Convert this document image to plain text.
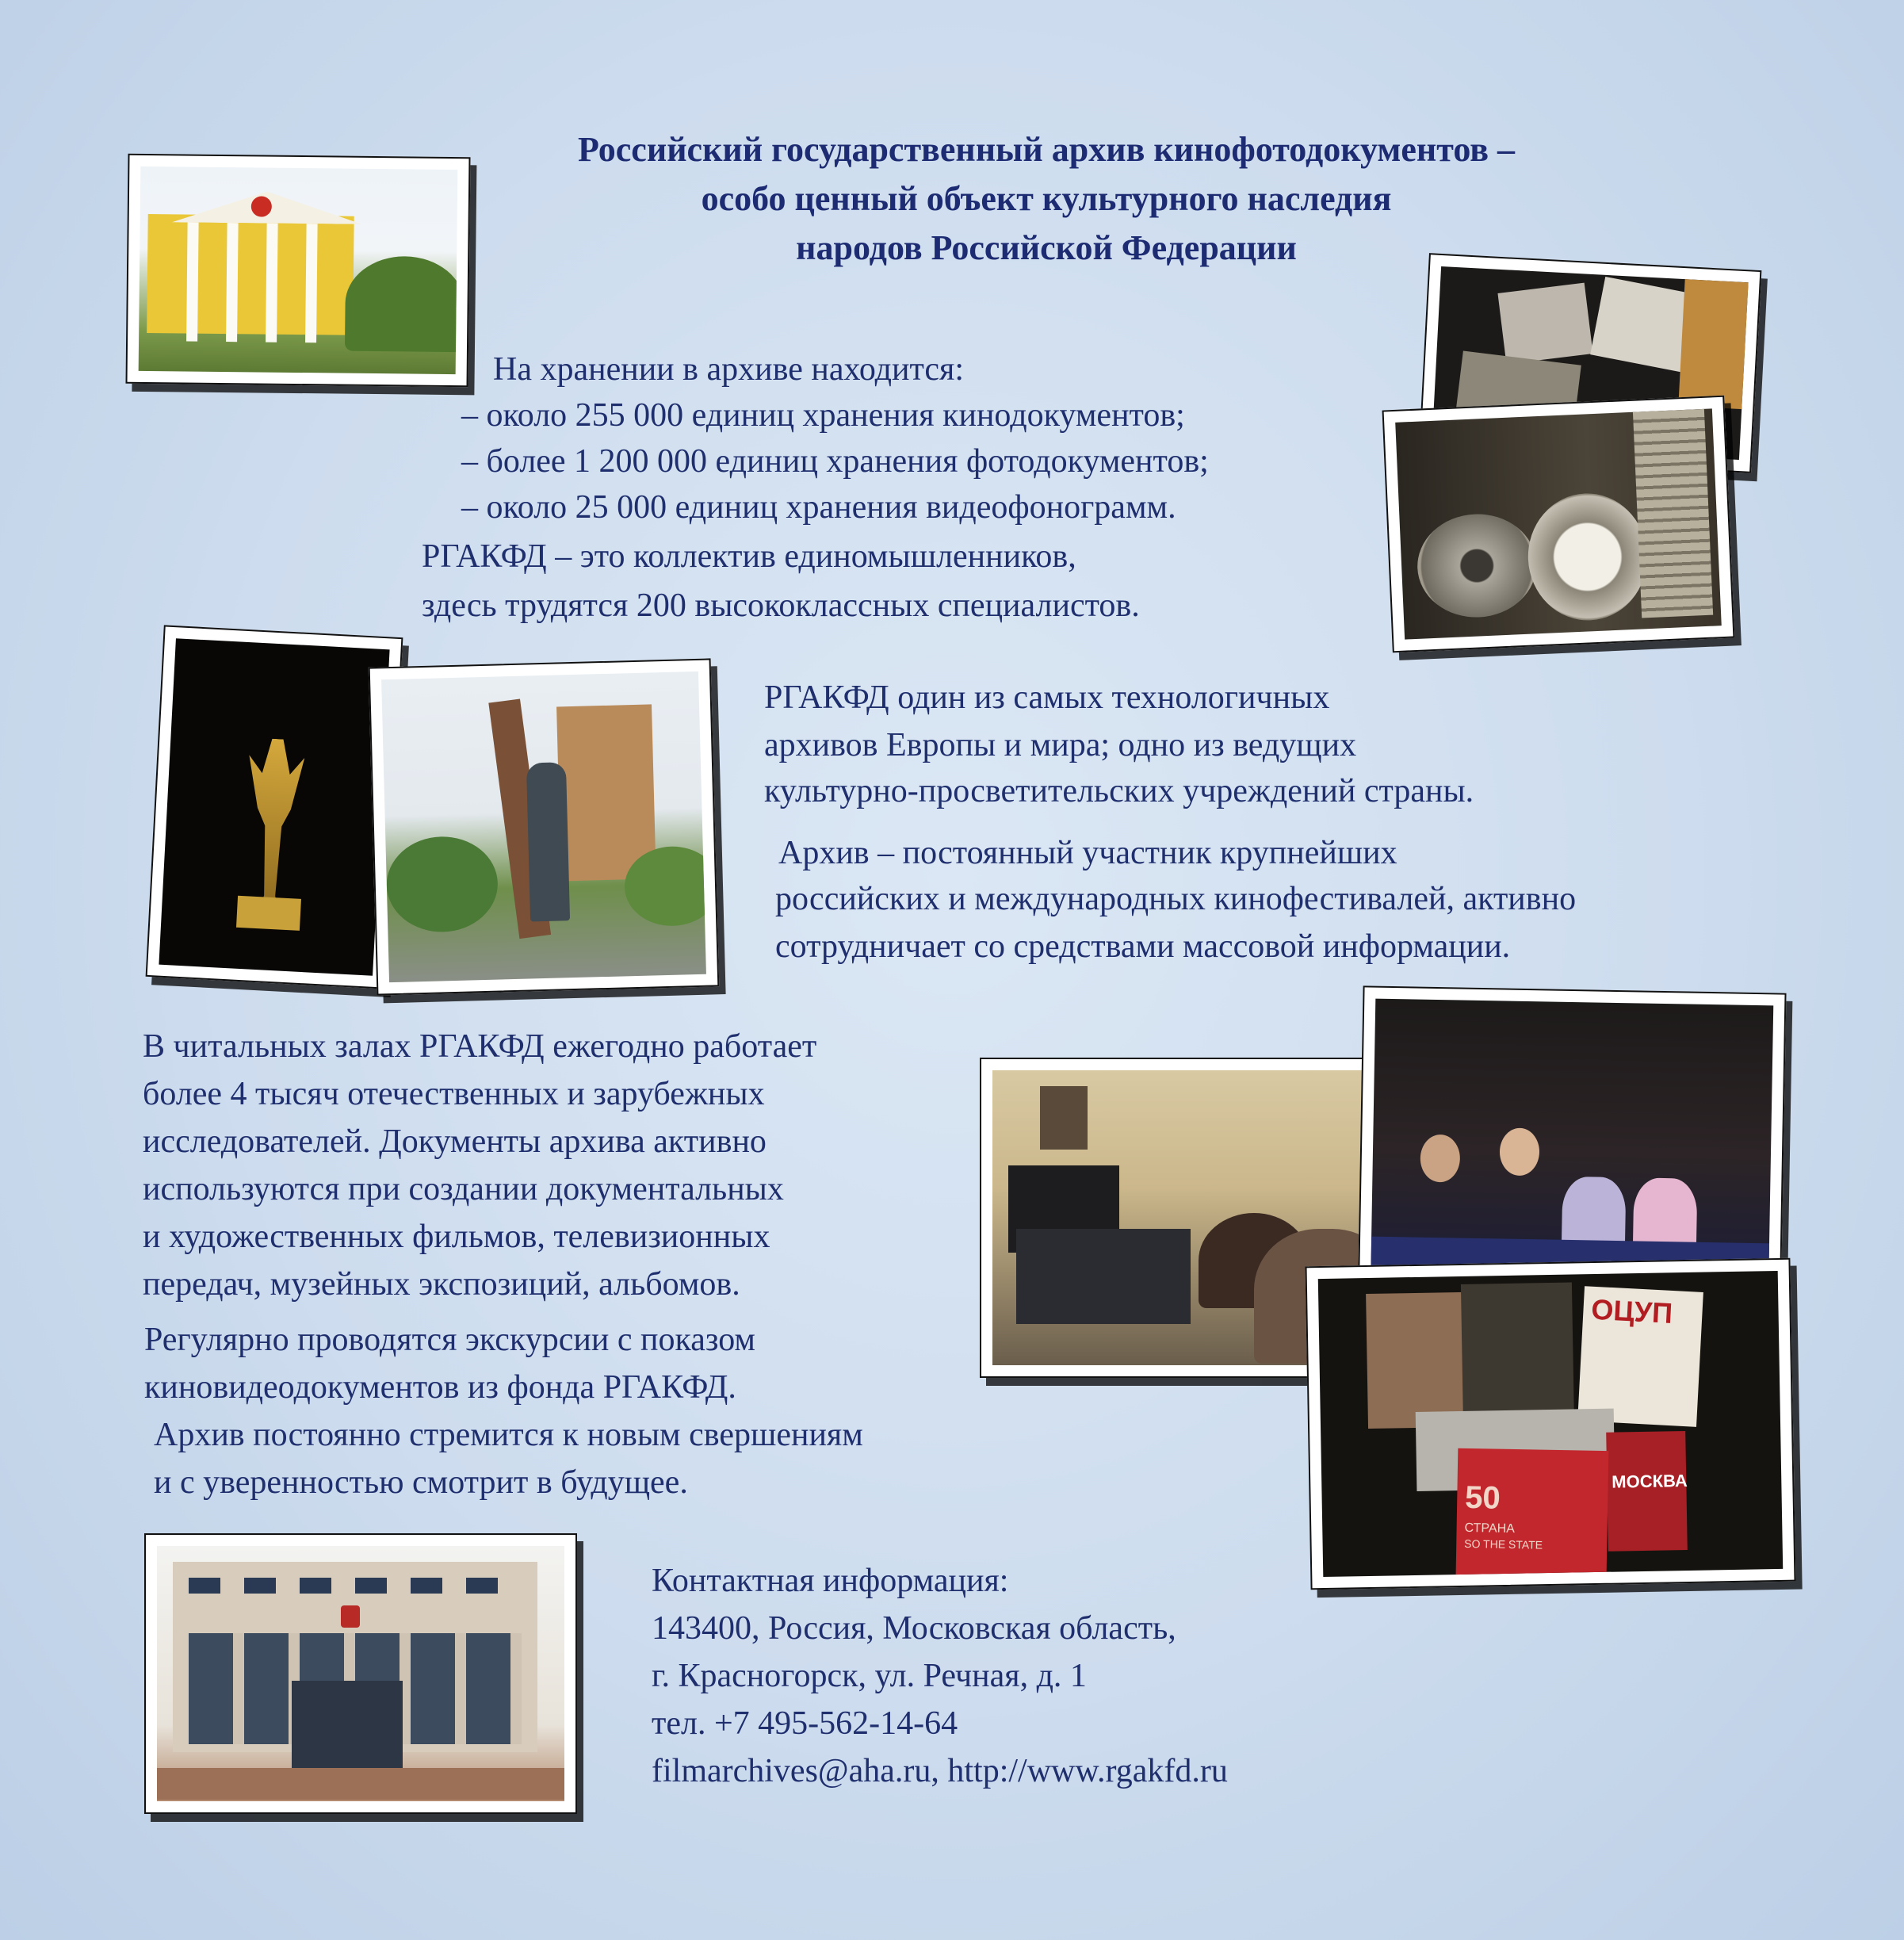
Российский государственный архив кинофотодокументов –
особо ценный объект культурного наследия
народов Российской Федерации
ОЦУП
МОСКВА
50
СТРАНА
SO THE STATE
На хранении в архиве находится:
– около 255 000 единиц хранения кинодокументов;
– более 1 200 000 единиц хранения фотодокументов;
– около 25 000 единиц хранения видеофонограмм.
РГАКФД – это коллектив единомышленников,
здесь трудятся 200 высококлассных специалистов.
РГАКФД один из самых технологичных
архивов Европы и мира; одно из ведущих
культурно-просветительских учреждений страны.
Архив – постоянный участник крупнейших
российских и международных кинофестивалей, активно
сотрудничает со средствами массовой информации.
В читальных залах РГАКФД ежегодно работает
более 4 тысяч отечественных и зарубежных
исследователей. Документы архива активно
используются при создании документальных
и художественных фильмов, телевизионных
передач, музейных экспозиций, альбомов.
Регулярно проводятся экскурсии с показом
киновидеодокументов из фонда РГАКФД.
Архив постоянно стремится к новым свершениям
и с уверенностью смотрит в будущее.
Контактная информация:
143400, Россия, Московская область,
г. Красногорск, ул. Речная, д. 1
тел. +7 495-562-14-64
filmarchives@aha.ru, http://www.rgakfd.ru
